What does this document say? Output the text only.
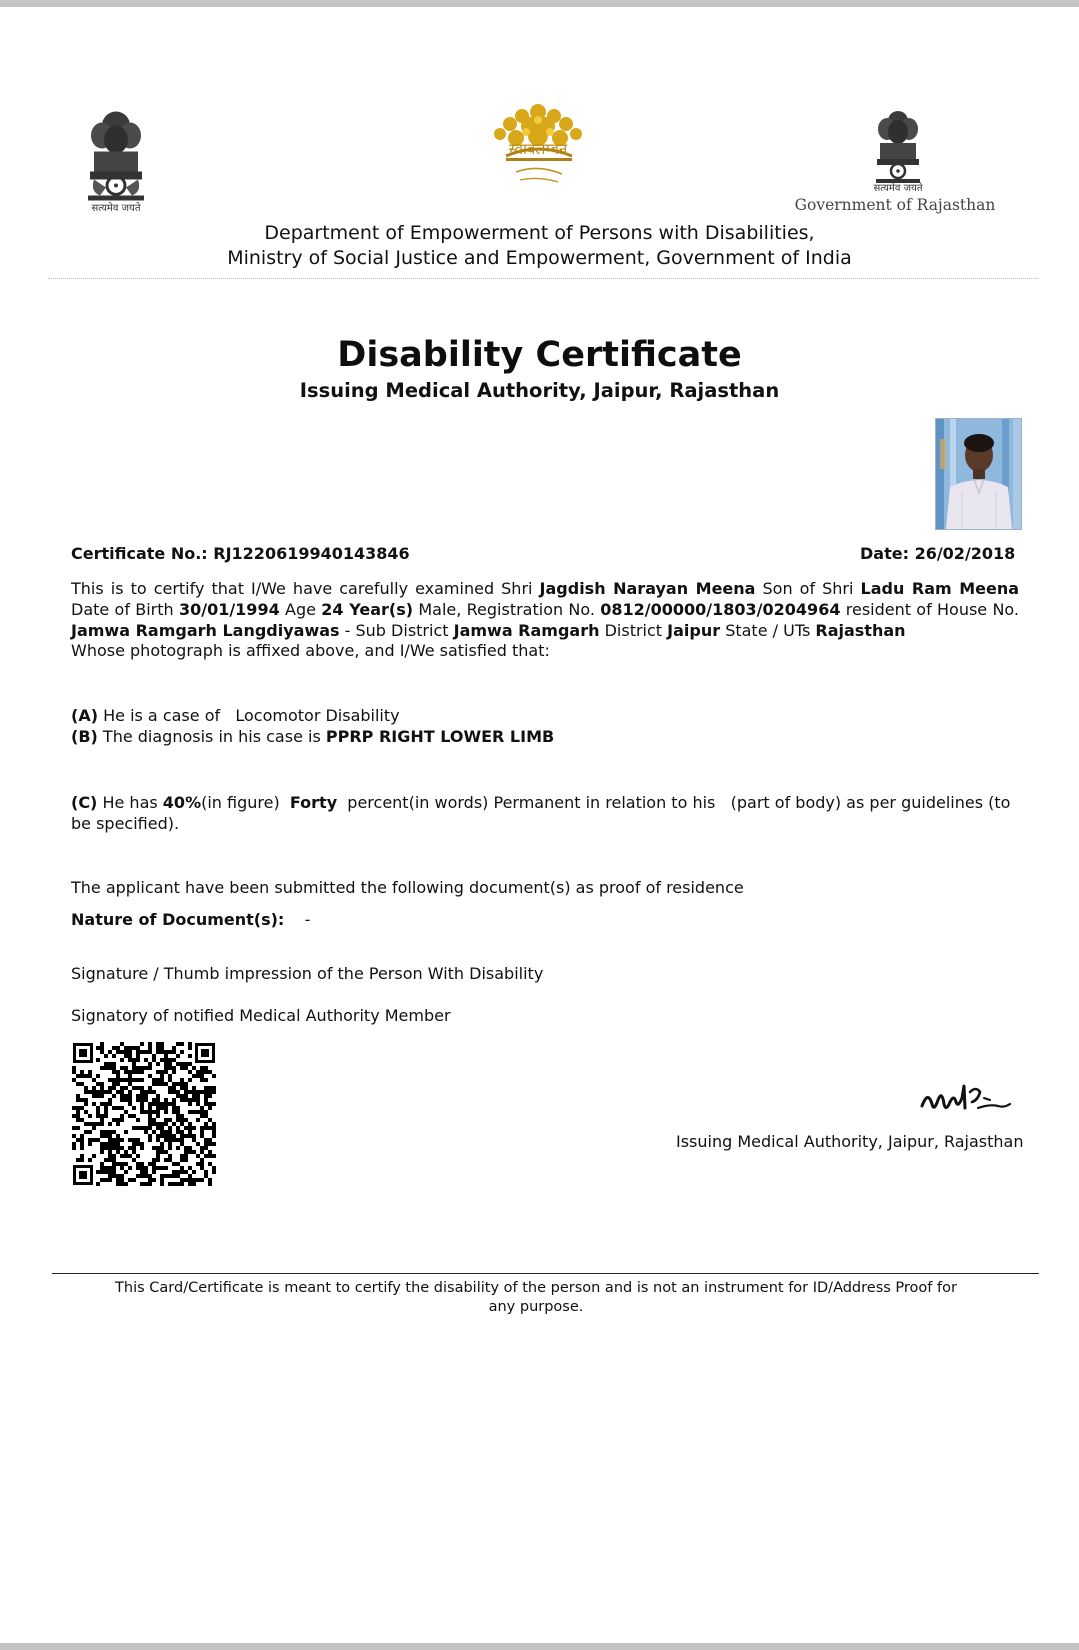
सत्यमेव जयते
स्वावलम्बन
सत्यमेव जयते
Government of Rajasthan
Department of Empowerment of Persons with Disabilities,
Ministry of Social Justice and Empowerment, Government of India
Disability Certificate
Issuing Medical Authority, Jaipur, Rajasthan
Certificate No.: RJ1220619940143846	Date: 26/02/2018
This is to certify that I/We have carefully examined Shri Jagdish Narayan Meena Son of Shri Ladu Ram Meena Date of Birth 30/01/1994 Age 24 Year(s) Male, Registration No. 0812/00000/1803/0204964 resident of House No. Jamwa Ramgarh Langdiyawas - Sub District Jamwa Ramgarh District Jaipur State / UTs Rajasthan
Whose photograph is affixed above, and I/We satisfied that:
(A) He is a case of   Locomotor Disability
(B) The diagnosis in his case is PPRP RIGHT LOWER LIMB
(C) He has 40%(in figure)  Forty  percent(in words) Permanent in relation to his   (part of body) as per guidelines (to be specified).
The applicant have been submitted the following document(s) as proof of residence
Nature of Document(s): -
Signature / Thumb impression of the Person With Disability
Signatory of notified Medical Authority Member
Issuing Medical Authority, Jaipur, Rajasthan
This Card/Certificate is meant to certify the disability of the person and is not an instrument for ID/Address Proof for any purpose.
